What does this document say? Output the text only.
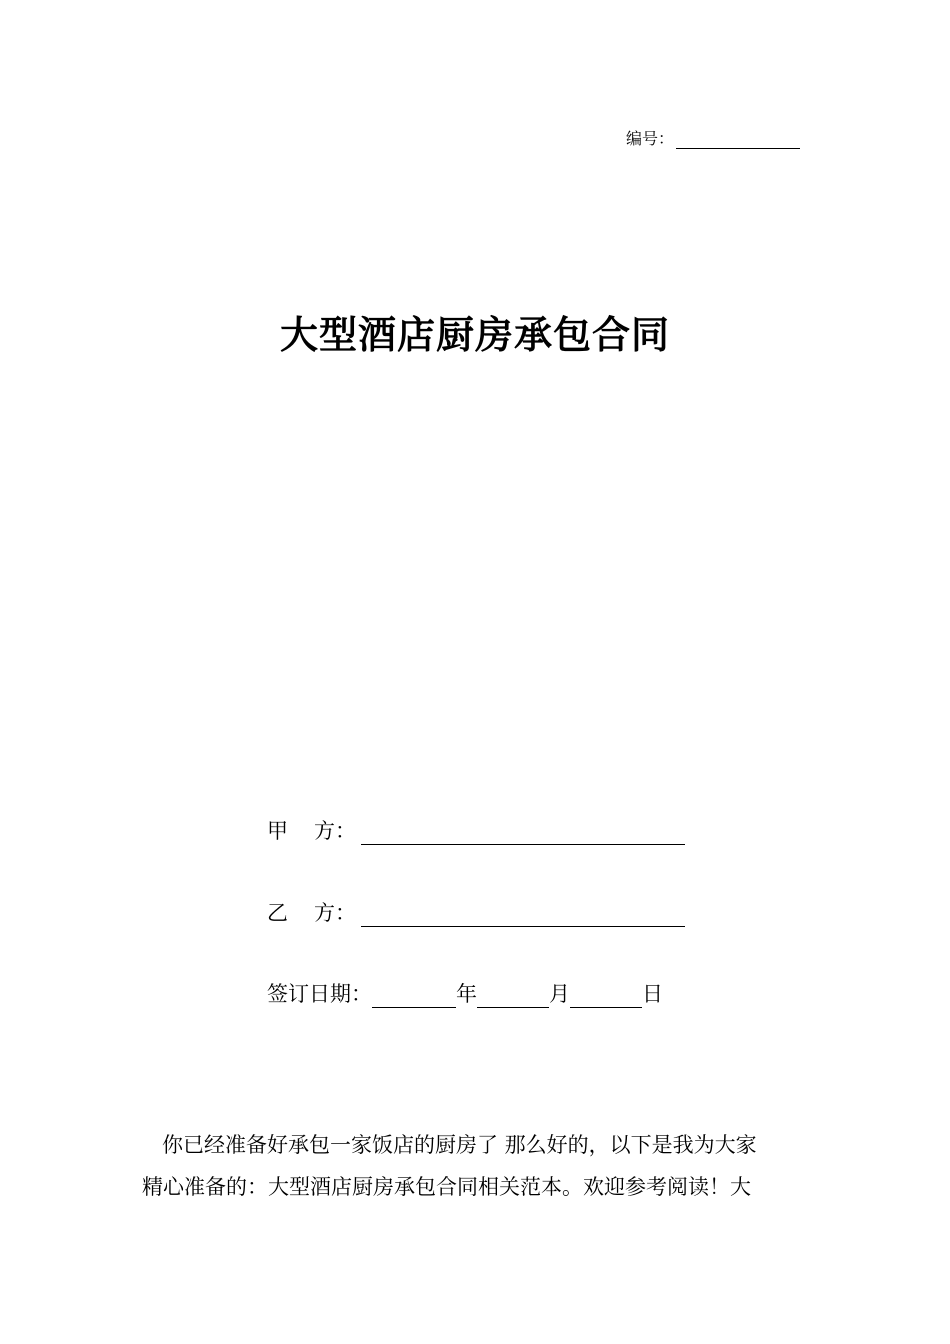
编号：
大型酒店厨房承包合同
甲 方：
乙 方：
签订日期：	年	月	日
你已经准备好承包一家饭店的厨房了 那么好的，以下是我为大家
精心准备的：大型酒店厨房承包合同相关范本。欢迎参考阅读！大
